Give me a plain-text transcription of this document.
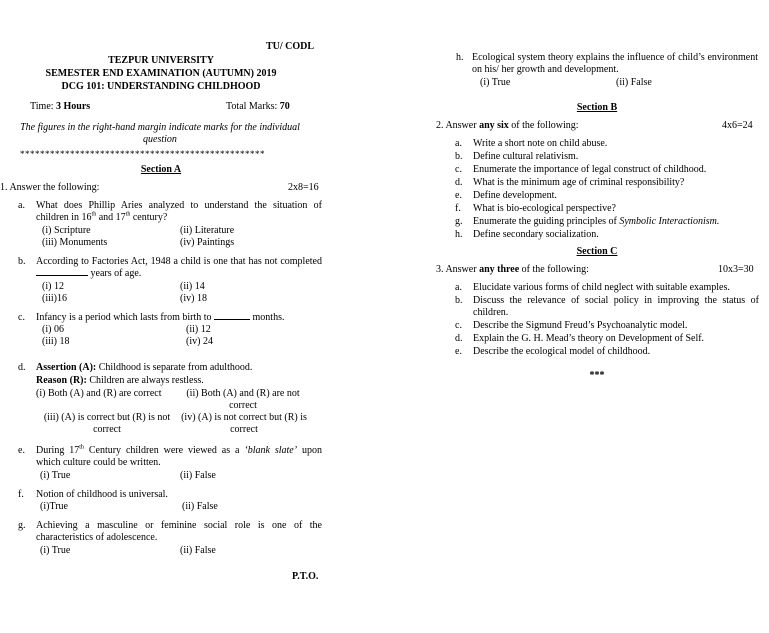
TU/ CODL
TEZPUR UNIVERSITY
SEMESTER END EXAMINATION (AUTUMN) 2019
DCG 101: UNDERSTANDING CHILDHOOD
Time: 3 Hours	Total Marks: 70
The figures in the right-hand margin indicate marks for the individual question
*************************************************
Section A
1. Answer the following:	2x8=16
a. What does Phillip Aries analyzed to understand the situation of children in 16th and 17th century?
(i) Scripture	(ii) Literature
(iii) Monuments	(iv) Paintings
b. According to Factories Act, 1948 a child is one that has not completed  years of age.
(i) 12	(ii) 14
(iii)16	(iv) 18
c. Infancy is a period which lasts from birth to	months.
(i) 06	(ii) 12
(iii) 18	(iv) 24
d. Assertion (A): Childhood is separate from adulthood.
Reason (R): Children are always restless.
(i) Both (A) and (R) are correct	(ii) Both (A) and (R) are not correct
(iii) (A) is correct but (R) is not correct
(iv) (A) is not correct but (R) is correct
e. During 17th Century children were viewed as a ‘blank slate’ upon which culture could be written.
(i) True	(ii) False
f. Notion of childhood is universal.
(i)True	(ii) False
g. Achieving a masculine or feminine social role is one of the characteristics of adolescence.
(i) True	(ii) False
P.T.O.
h. Ecological system theory explains the influence of child’s environment on his/ her growth and development.
(i) True	(ii) False
Section B
2. Answer any six of the following:	4x6=24
a. Write a short note on child abuse.
b. Define cultural relativism.
c. Enumerate the importance of legal construct of childhood.
d. What is the minimum age of criminal responsibility?
e. Define development.
f. What is bio-ecological perspective?
g. Enumerate the guiding principles of Symbolic Interactionism.
h. Define secondary socialization.
Section C
3. Answer any three of the following:	10x3=30
a. Elucidate various forms of child neglect with suitable examples.
b. Discuss the relevance of social policy in improving the status of children.
c. Describe the Sigmund Freud’s Psychoanalytic model.
d. Explain the G. H. Mead’s theory on Development of Self.
e. Describe the ecological model of childhood.
***
